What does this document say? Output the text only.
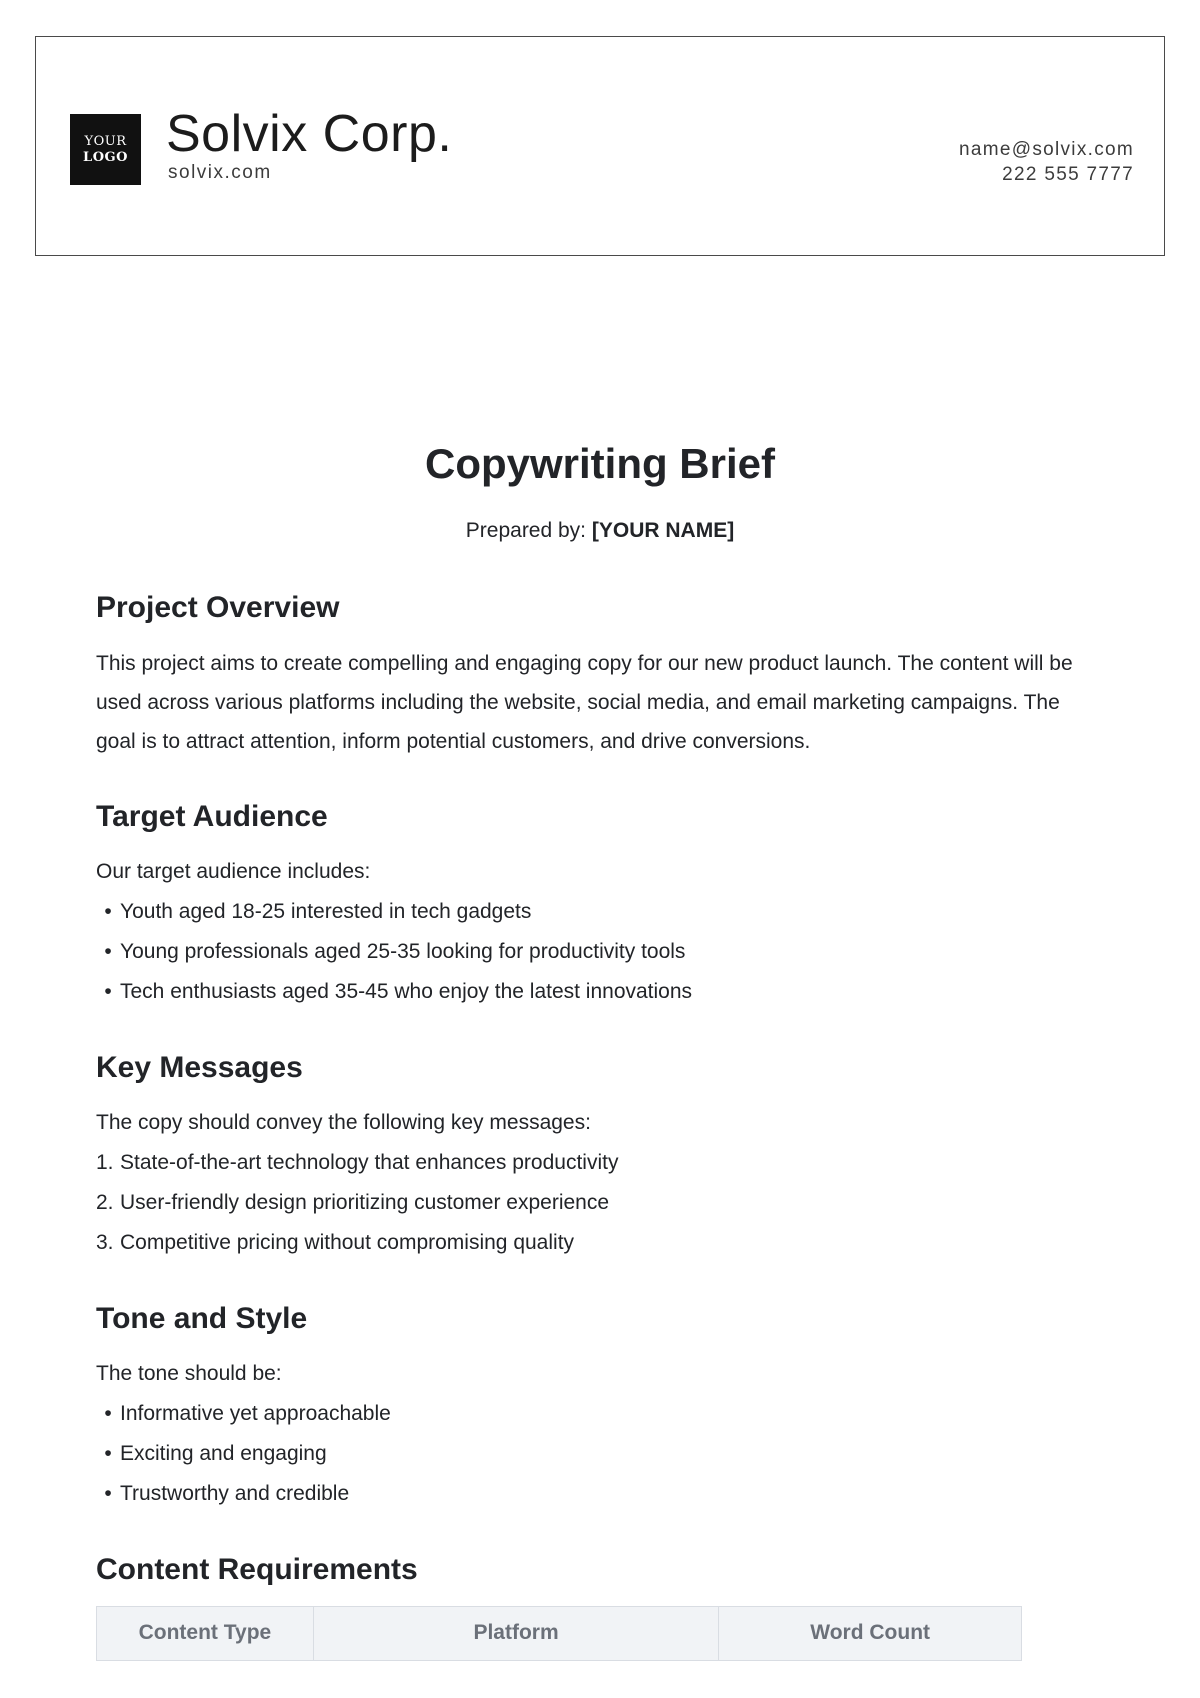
YOUR
LOGO Solvix Corp.
solvix.com
name@solvix.com
222 555 7777
Copywriting Brief
Prepared by: [YOUR NAME]
Project Overview

This project aims to create compelling and engaging copy for our new product launch. The content will be used across various platforms including the website, social media, and email marketing campaigns. The goal is to attract attention, inform potential customers, and drive conversions.

Target Audience

Our target audience includes:

• Youth aged 18-25 interested in tech gadgets
• Young professionals aged 25-35 looking for productivity tools
• Tech enthusiasts aged 35-45 who enjoy the latest innovations
Key Messages

The copy should convey the following key messages:

1. State-of-the-art technology that enhances productivity
2. User-friendly design prioritizing customer experience
3. Competitive pricing without compromising quality
Tone and Style

The tone should be:

• Informative yet approachable
• Exciting and engaging
• Trustworthy and credible
Content Requirements
Content Type	Platform	Word Count
